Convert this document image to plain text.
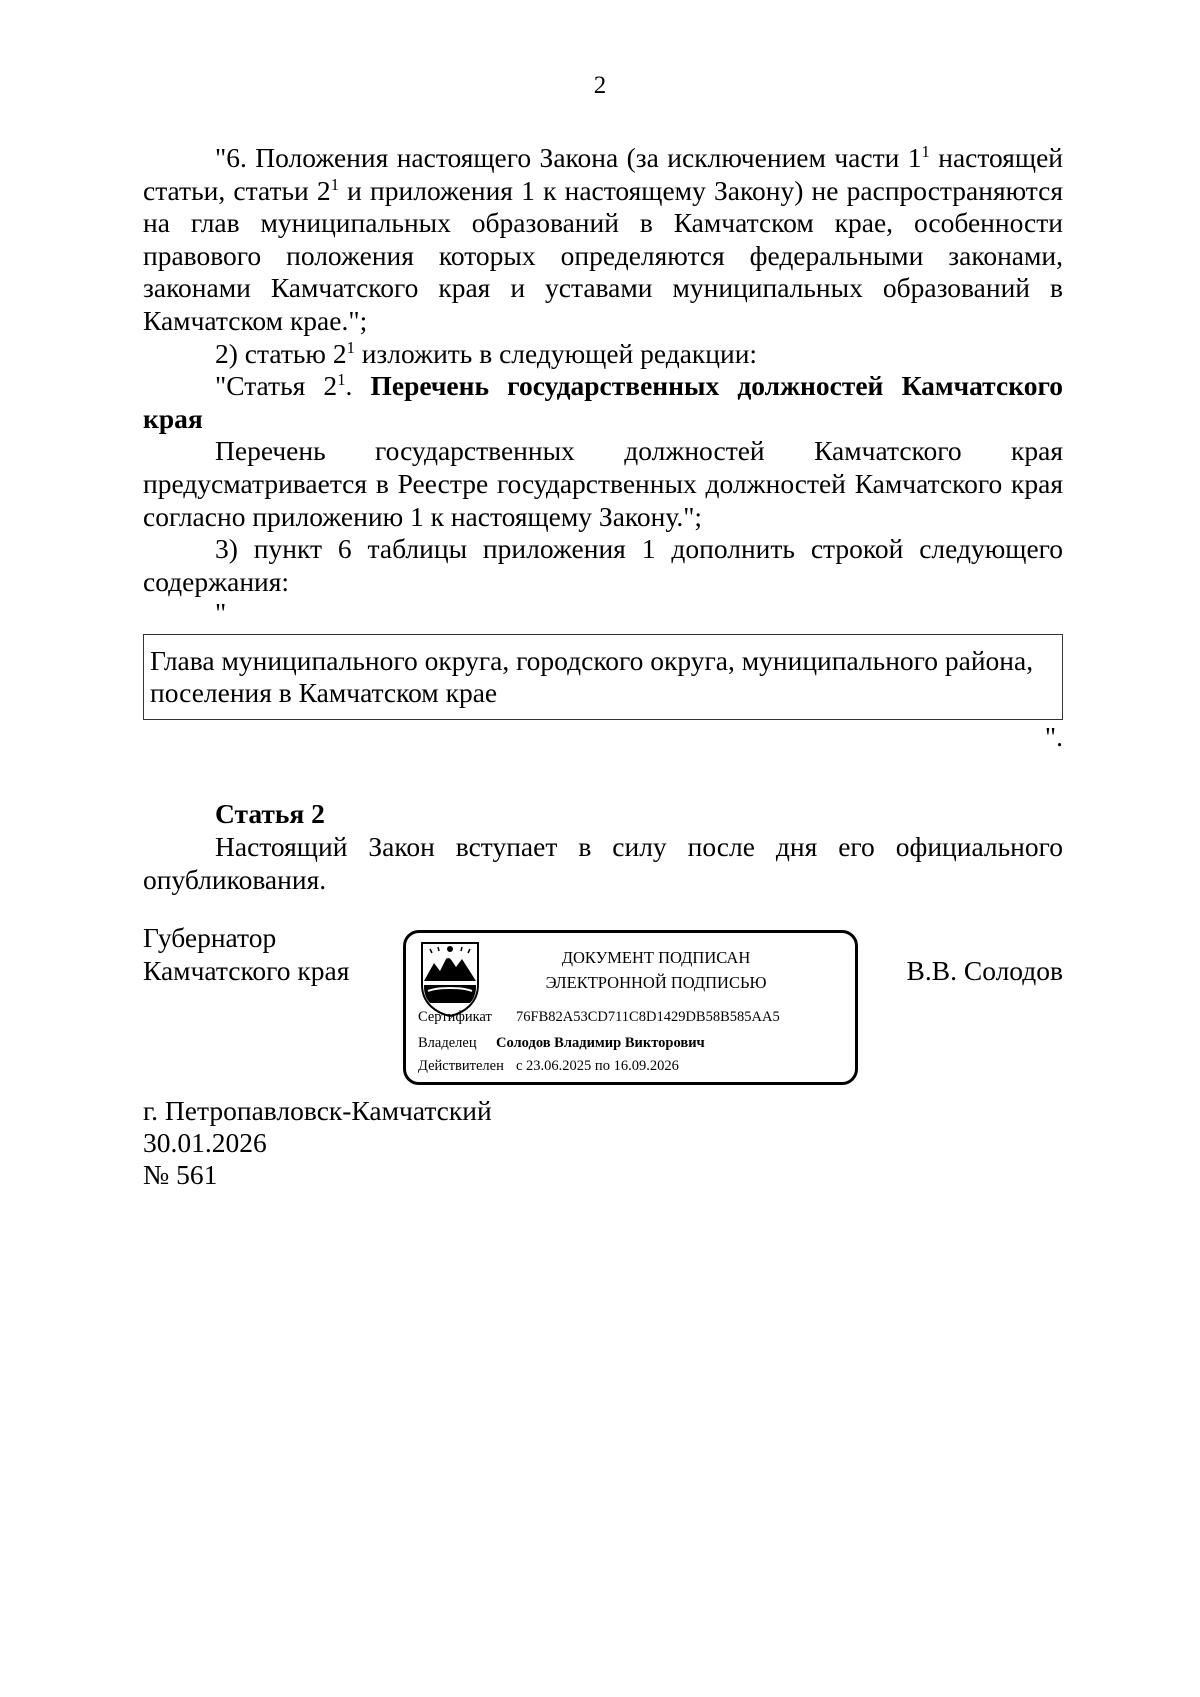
2

"6. Положения настоящего Закона (за исключением части $1^1$ настоящей статьи, статьи $2^1$ и приложения 1 к настоящему Закону) не распространяются на глав муниципальных образований в Камчатском крае, особенности правового положения которых определяются федеральными законами, законами Камчатского края и уставами муниципальных образований в Камчатском крае.";

2) статью $2^1$ изложить в следующей редакции:

"Статья $2^1$. Перечень государственных должностей Камчатского края

Перечень государственных должностей Камчатского края предусматривается в Реестре государственных должностей Камчатского края согласно приложению 1 к настоящему Закону.";

3) пункт 6 таблицы приложения 1 дополнить строкой следующего содержания:

"

Глава муниципального округа, городского округа, муниципального района, поселения в Камчатском крае

".

Статья 2

Настоящий Закон вступает в силу после дня его официального опубликования.

Губернатор
Камчатского края	ДОКУМЕНТ ПОДПИСАН
ЭЛЕКТРОННОЙ ПОДПИСЬЮ
Сертификат 76FB82A53CD711C8D1429DB58B585AA5
Владелец Солодов Владимир Викторович
Действителен с 23.06.2025 по 16.09.2026
В.В. Солодов
г. Петропавловск-Камчатский
30.01.2026
№ 561
